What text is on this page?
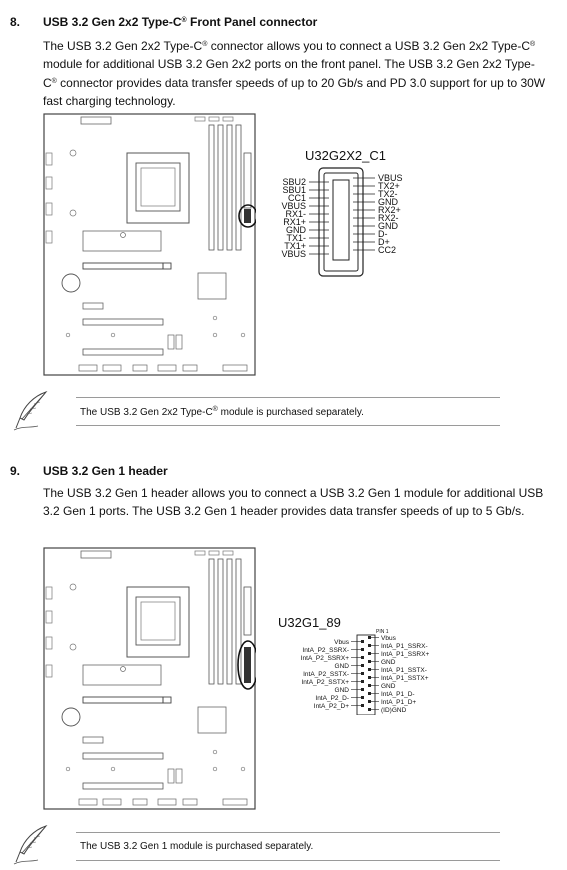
8. USB 3.2 Gen 2x2 Type-C® Front Panel connector
The USB 3.2 Gen 2x2 Type-C® connector allows you to connect a USB 3.2 Gen 2x2 Type-C® module for additional USB 3.2 Gen 2x2 ports on the front panel. The USB 3.2 Gen 2x2 Type-C® connector provides data transfer speeds of up to 20 Gb/s and PD 3.0 support for up to 30W fast charging technology.
U32G2X2_C1
SBU2
SBU1
CC1
VBUS
RX1-
RX1+
GND
TX1-
TX1+
VBUS
VBUS
TX2+
TX2-
GND
RX2+
RX2-
GND
D-
D+
CC2
The USB 3.2 Gen 2x2 Type-C® module is purchased separately.
9. USB 3.2 Gen 1 header
The USB 3.2 Gen 1 header allows you to connect a USB 3.2 Gen 1 module for additional USB 3.2 Gen 1 ports. The USB 3.2 Gen 1 header provides data transfer speeds of up to 5 Gb/s.
U32G1_89
PIN 1
Vbus
IntA_P2_SSRX-
IntA_P2_SSRX+
GND
IntA_P2_SSTX-
IntA_P2_SSTX+
GND
IntA_P2_D-
IntA_P2_D+
Vbus
IntA_P1_SSRX-
IntA_P1_SSRX+
GND
IntA_P1_SSTX-
IntA_P1_SSTX+
GND
IntA_P1_D-
IntA_P1_D+
(ID)GND
The USB 3.2 Gen 1 module is purchased separately.
